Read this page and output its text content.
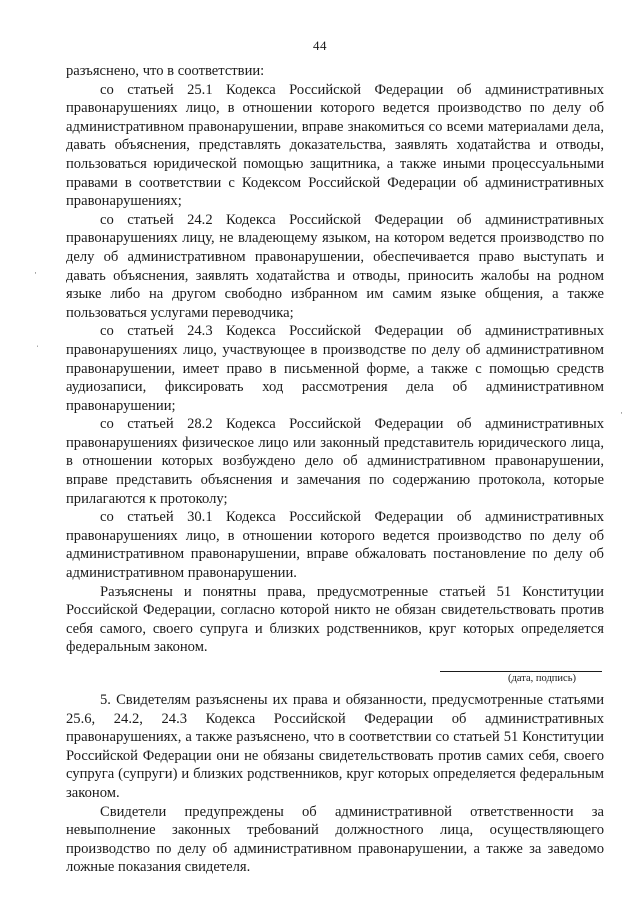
44

разъяснено, что в соответствии:

со статьей 25.1 Кодекса Российской Федерации об административных правонарушениях лицо, в отношении которого ведется производство по делу об административном правонарушении, вправе знакомиться со всеми материалами дела, давать объяснения, представлять доказательства, заявлять ходатайства и отводы, пользоваться юридической помощью защитника, а также иными процессуальными правами в соответствии с Кодексом Российской Федерации об административных правонарушениях;

со статьей 24.2 Кодекса Российской Федерации об административных правонарушениях лицу, не владеющему языком, на котором ведется производство по делу об административном правонарушении, обеспечивается право выступать и давать объяснения, заявлять ходатайства и отводы, приносить жалобы на родном языке либо на другом свободно избранном им самим языке общения, а также пользоваться услугами переводчика;

со статьей 24.3 Кодекса Российской Федерации об административных правонарушениях лицо, участвующее в производстве по делу об административном правонарушении, имеет право в письменной форме, а также с помощью средств аудиозаписи, фиксировать ход рассмотрения дела об административном правонарушении;

со статьей 28.2 Кодекса Российской Федерации об административных правонарушениях физическое лицо или законный представитель юридического лица, в отношении которых возбуждено дело об административном правонарушении, вправе представить объяснения и замечания по содержанию протокола, которые прилагаются к протоколу;

со статьей 30.1 Кодекса Российской Федерации об административных правонарушениях лицо, в отношении которого ведется производство по делу об административном правонарушении, вправе обжаловать постановление по делу об административном правонарушении.

Разъяснены и понятны права, предусмотренные статьей 51 Конституции Российской Федерации, согласно которой никто не обязан свидетельствовать против себя самого, своего супруга и близких родственников, круг которых определяется федеральным законом.

(дата, подпись)

5. Свидетелям разъяснены их права и обязанности, предусмотренные статьями 25.6, 24.2, 24.3 Кодекса Российской Федерации об административных правонарушениях, а также разъяснено, что в соответствии со статьей 51 Конституции Российской Федерации они не обязаны свидетельствовать против самих себя, своего супруга (супруги) и близких родственников, круг которых определяется федеральным законом.

Свидетели предупреждены об административной ответственности за невыполнение законных требований должностного лица, осуществляющего производство по делу об административном правонарушении, а также за заведомо ложные показания свидетеля.

·
ˈ
·
